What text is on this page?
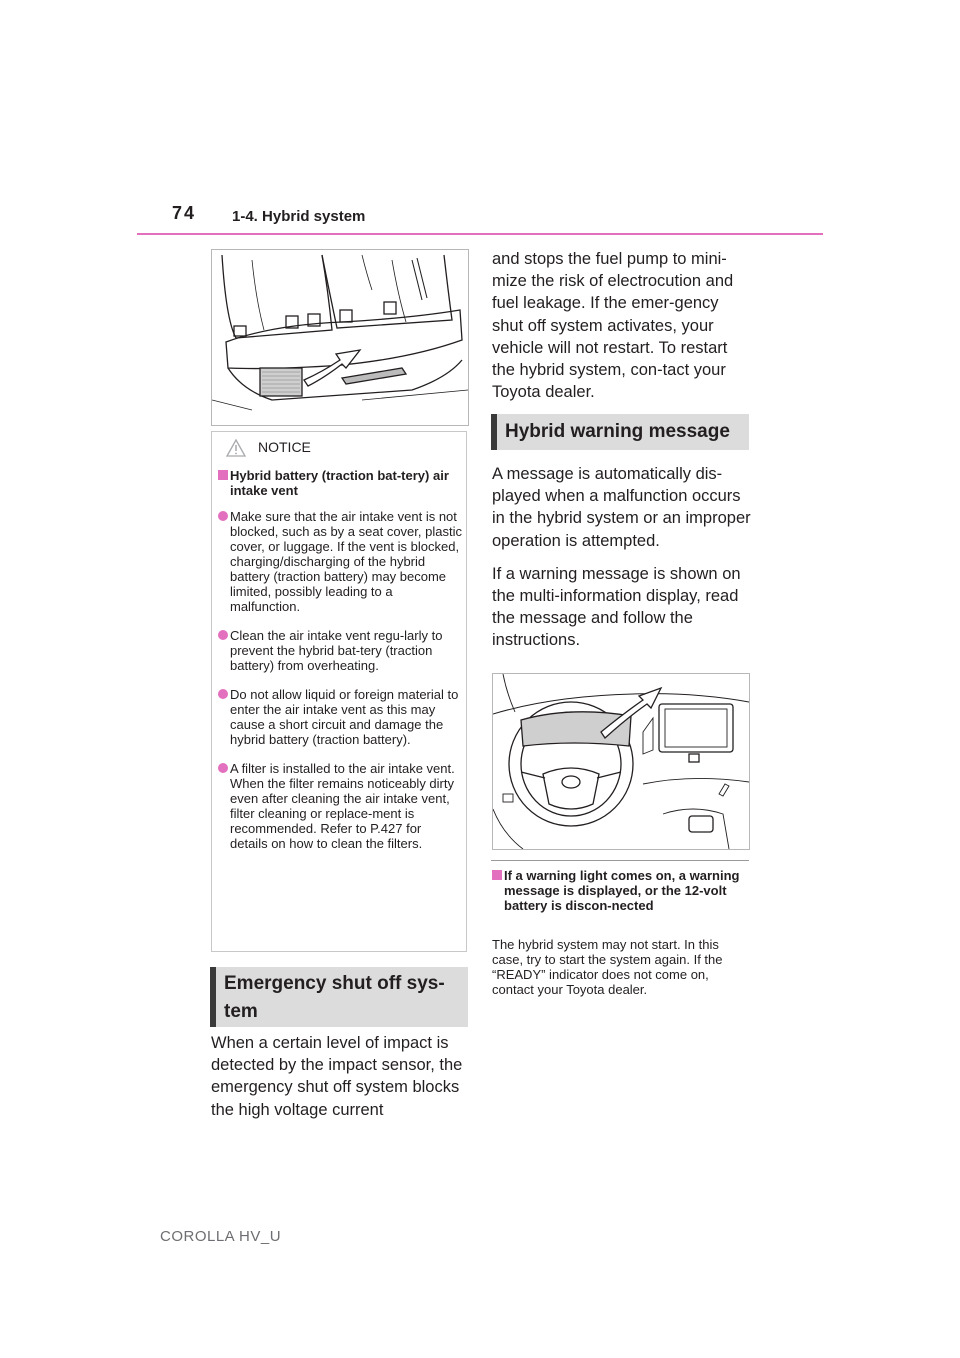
74 1-4. Hybrid system
NOTICE
Hybrid battery (traction bat-tery) air intake vent
Make sure that the air intake vent is not blocked, such as by a seat cover, plastic cover, or luggage. If the vent is blocked, charging/discharging of the hybrid battery (traction battery) may become limited, possibly leading to a malfunction.
Clean the air intake vent regu-larly to prevent the hybrid bat-tery (traction battery) from overheating.
Do not allow liquid or foreign material to enter the air intake vent as this may cause a short circuit and damage the hybrid battery (traction battery).
A filter is installed to the air intake vent. When the filter remains noticeably dirty even after cleaning the air intake vent, filter cleaning or replace-ment is recommended. Refer to P.427 for details on how to clean the filters.
Emergency shut off sys-tem
When a certain level of impact is detected by the impact sensor, the emergency shut off system blocks the high voltage current
and stops the fuel pump to mini-mize the risk of electrocution and fuel leakage. If the emer-gency shut off system activates, your vehicle will not restart. To restart the hybrid system, con-tact your Toyota dealer.
Hybrid warning message

A message is automatically dis-played when a malfunction occurs in the hybrid system or an improper operation is attempted.

If a warning message is shown on the multi-information display, read the message and follow the instructions.

If a warning light comes on, a warning message is displayed, or the 12-volt battery is discon-nected
The hybrid system may not start. In this case, try to start the system again. If the “READY” indicator does not come on, contact your Toyota dealer.
COROLLA HV_U
